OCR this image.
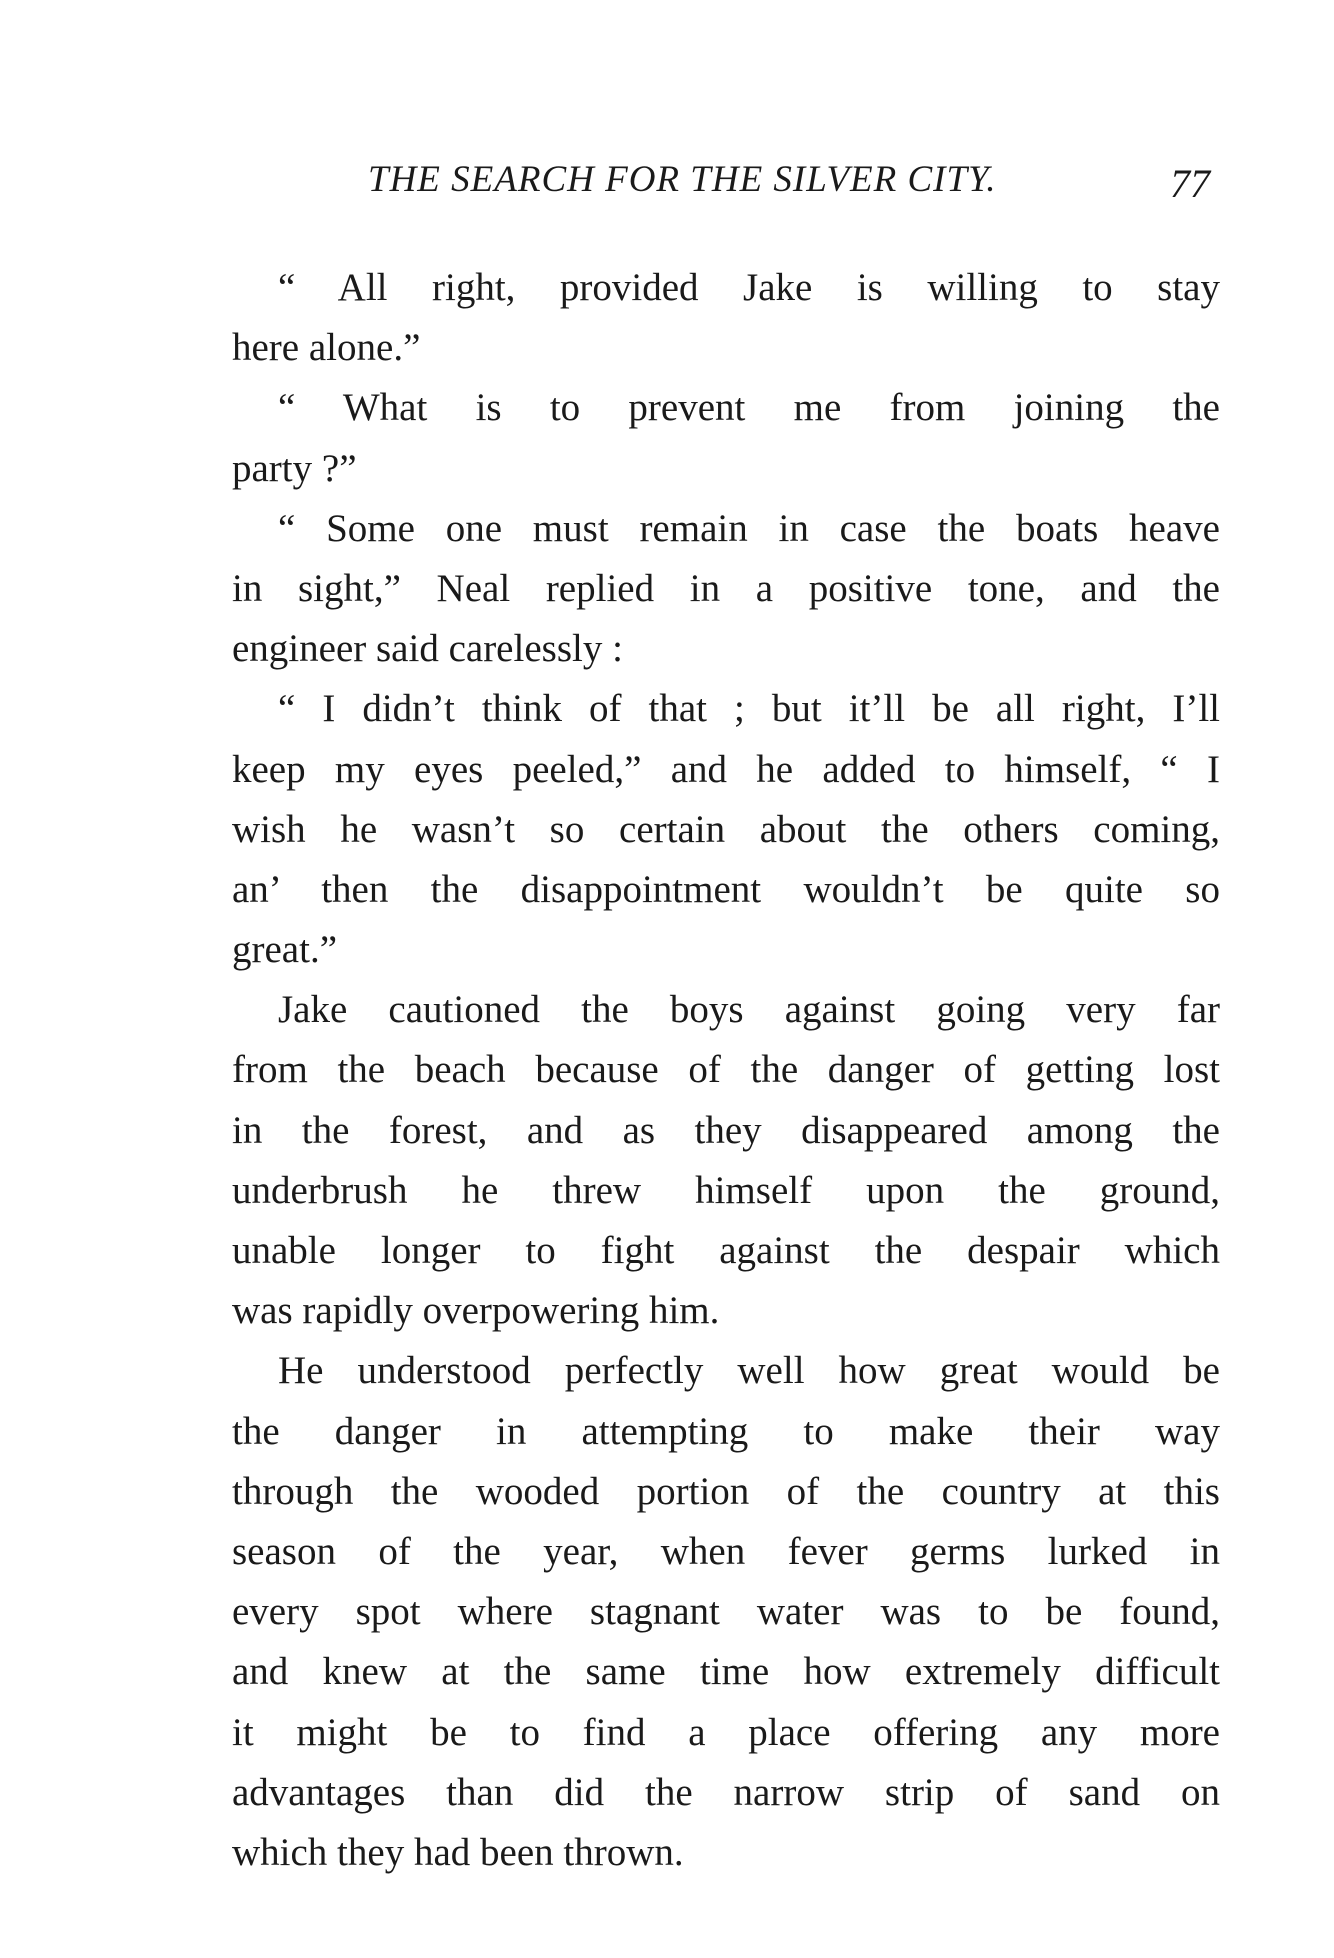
THE SEARCH FOR THE SILVER CITY.	77
“ All right, provided Jake is willing to stay
here alone.”
“ What is to prevent me from joining the
party ?”
“ Some one must remain in case the boats heave
in sight,” Neal replied in a positive tone, and the
engineer said carelessly :
“ I didn’t think of that ; but it’ll be all right, I’ll
keep my eyes peeled,” and he added to himself, “ I
wish he wasn’t so certain about the others coming,
an’ then the disappointment wouldn’t be quite so
great.”
Jake cautioned the boys against going very far
from the beach because of the danger of getting lost
in the forest, and as they disappeared among the
underbrush he threw himself upon the ground,
unable longer to fight against the despair which
was rapidly overpowering him.
He understood perfectly well how great would be
the danger in attempting to make their way
through the wooded portion of the country at this
season of the year, when fever germs lurked in
every spot where stagnant water was to be found,
and knew at the same time how extremely difficult
it might be to find a place offering any more
advantages than did the narrow strip of sand on
which they had been thrown.
